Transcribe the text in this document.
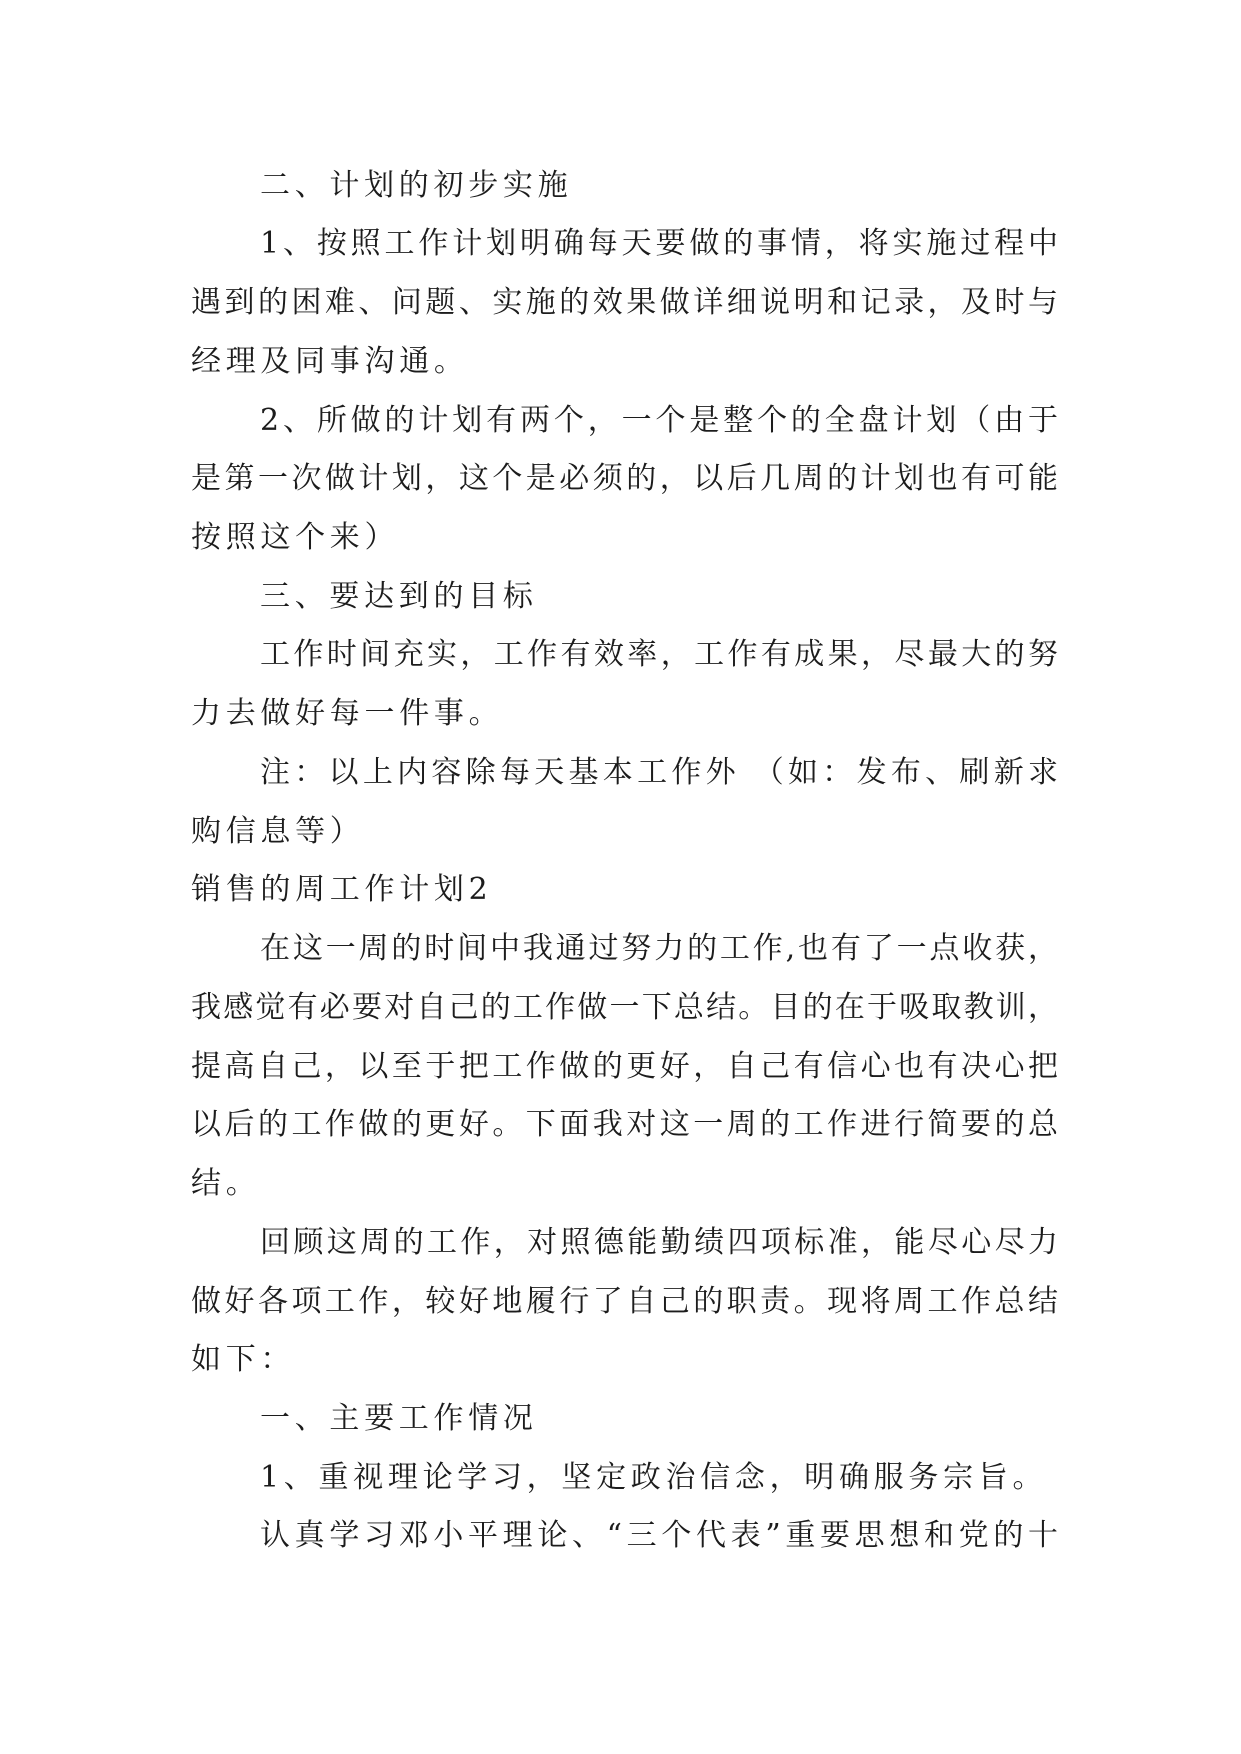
二、计划的初步实施

1、按照工作计划明确每天要做的事情，将实施过程中
遇到的困难、问题、实施的效果做详细说明和记录，及时与
经理及同事沟通。

2、所做的计划有两个，一个是整个的全盘计划（由于
是第一次做计划，这个是必须的，以后几周的计划也有可能
按照这个来）

三、要达到的目标

工作时间充实，工作有效率，工作有成果，尽最大的努
力去做好每一件事。

注：以上内容除每天基本工作外 （如：发布、刷新求
购信息等）

销售的周工作计划2

在这一周的时间中我通过努力的工作,也有了一点收获，
我感觉有必要对自己的工作做一下总结。目的在于吸取教训，
提高自己，以至于把工作做的更好，自己有信心也有决心把
以后的工作做的更好。下面我对这一周的工作进行简要的总
结。

回顾这周的工作，对照德能勤绩四项标准，能尽心尽力
做好各项工作，较好地履行了自己的职责。现将周工作总结
如下：

一、主要工作情况

1、重视理论学习，坚定政治信念，明确服务宗旨。

认真学习邓小平理论、“三个代表”重要思想和党的十
